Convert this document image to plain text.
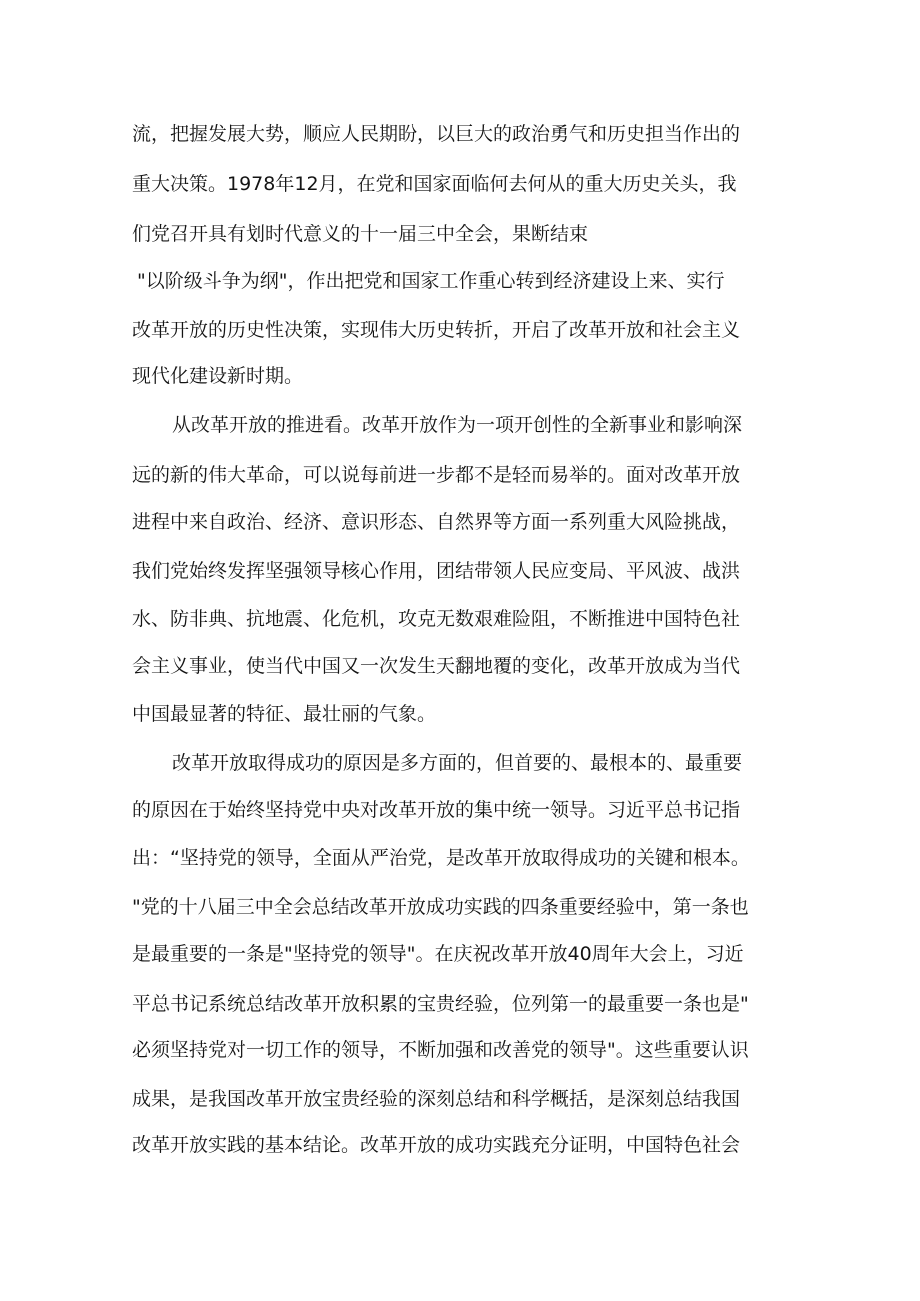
流，把握发展大势，顺应人民期盼，以巨大的政治勇气和历史担当作出的
重大决策。1978年12月，在党和国家面临何去何从的重大历史关头，我
们党召开具有划时代意义的十一届三中全会，果断结束
"以阶级斗争为纲"，作出把党和国家工作重心转到经济建设上来、实行
改革开放的历史性决策，实现伟大历史转折，开启了改革开放和社会主义
现代化建设新时期。
从改革开放的推进看。改革开放作为一项开创性的全新事业和影响深
远的新的伟大革命，可以说每前进一步都不是轻而易举的。面对改革开放
进程中来自政治、经济、意识形态、自然界等方面一系列重大风险挑战，
我们党始终发挥坚强领导核心作用，团结带领人民应变局、平风波、战洪
水、防非典、抗地震、化危机，攻克无数艰难险阻，不断推进中国特色社
会主义事业，使当代中国又一次发生天翻地覆的变化，改革开放成为当代
中国最显著的特征、最壮丽的气象。
改革开放取得成功的原因是多方面的，但首要的、最根本的、最重要
的原因在于始终坚持党中央对改革开放的集中统一领导。习近平总书记指
出：“坚持党的领导，全面从严治党，是改革开放取得成功的关键和根本。
"党的十八届三中全会总结改革开放成功实践的四条重要经验中，第一条也
是最重要的一条是"坚持党的领导"。在庆祝改革开放40周年大会上，习近
平总书记系统总结改革开放积累的宝贵经验，位列第一的最重要一条也是"
必须坚持党对一切工作的领导，不断加强和改善党的领导"。这些重要认识
成果，是我国改革开放宝贵经验的深刻总结和科学概括，是深刻总结我国
改革开放实践的基本结论。改革开放的成功实践充分证明，中国特色社会
